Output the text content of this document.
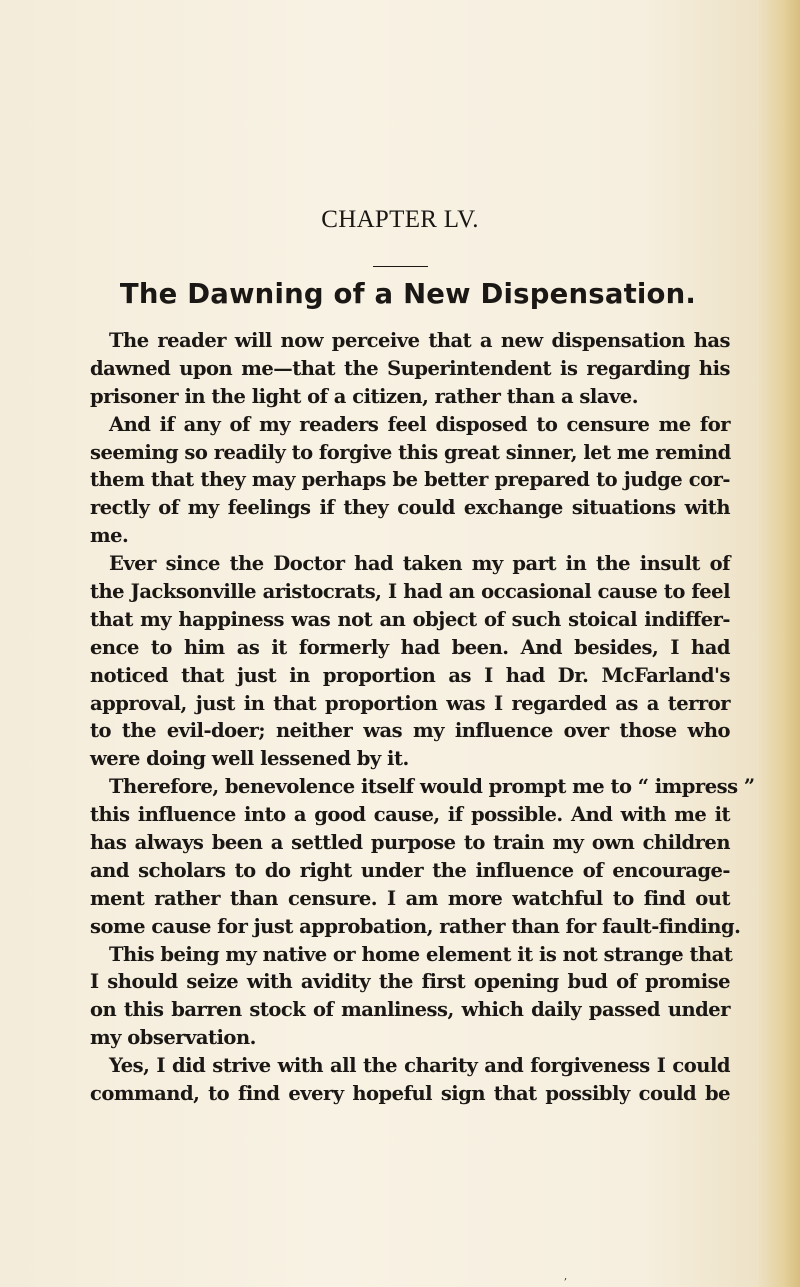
CHAPTER LV.
The Dawning of a New Dispensation.
The reader will now perceive that a new dispensation has
dawned upon me—that the Superintendent is regarding his
prisoner in the light of a citizen, rather than a slave.
And if any of my readers feel disposed to censure me for
seeming so readily to forgive this great sinner, let me remind
them that they may perhaps be better prepared to judge cor-
rectly of my feelings if they could exchange situations with
me.
Ever since the Doctor had taken my part in the insult of
the Jacksonville aristocrats, I had an occasional cause to feel
that my happiness was not an object of such stoical indiffer-
ence to him as it formerly had been. And besides, I had
noticed that just in proportion as I had Dr. McFarland's
approval, just in that proportion was I regarded as a terror
to the evil-doer; neither was my influence over those who
were doing well lessened by it.
Therefore, benevolence itself would prompt me to “ impress ”
this influence into a good cause, if possible. And with me it
has always been a settled purpose to train my own children
and scholars to do right under the influence of encourage-
ment rather than censure. I am more watchful to find out
some cause for just approbation, rather than for fault-finding.
This being my native or home element it is not strange that
I should seize with avidity the first opening bud of promise
on this barren stock of manliness, which daily passed under
my observation.
Yes, I did strive with all the charity and forgiveness I could
command, to find every hopeful sign that possibly could be
,
